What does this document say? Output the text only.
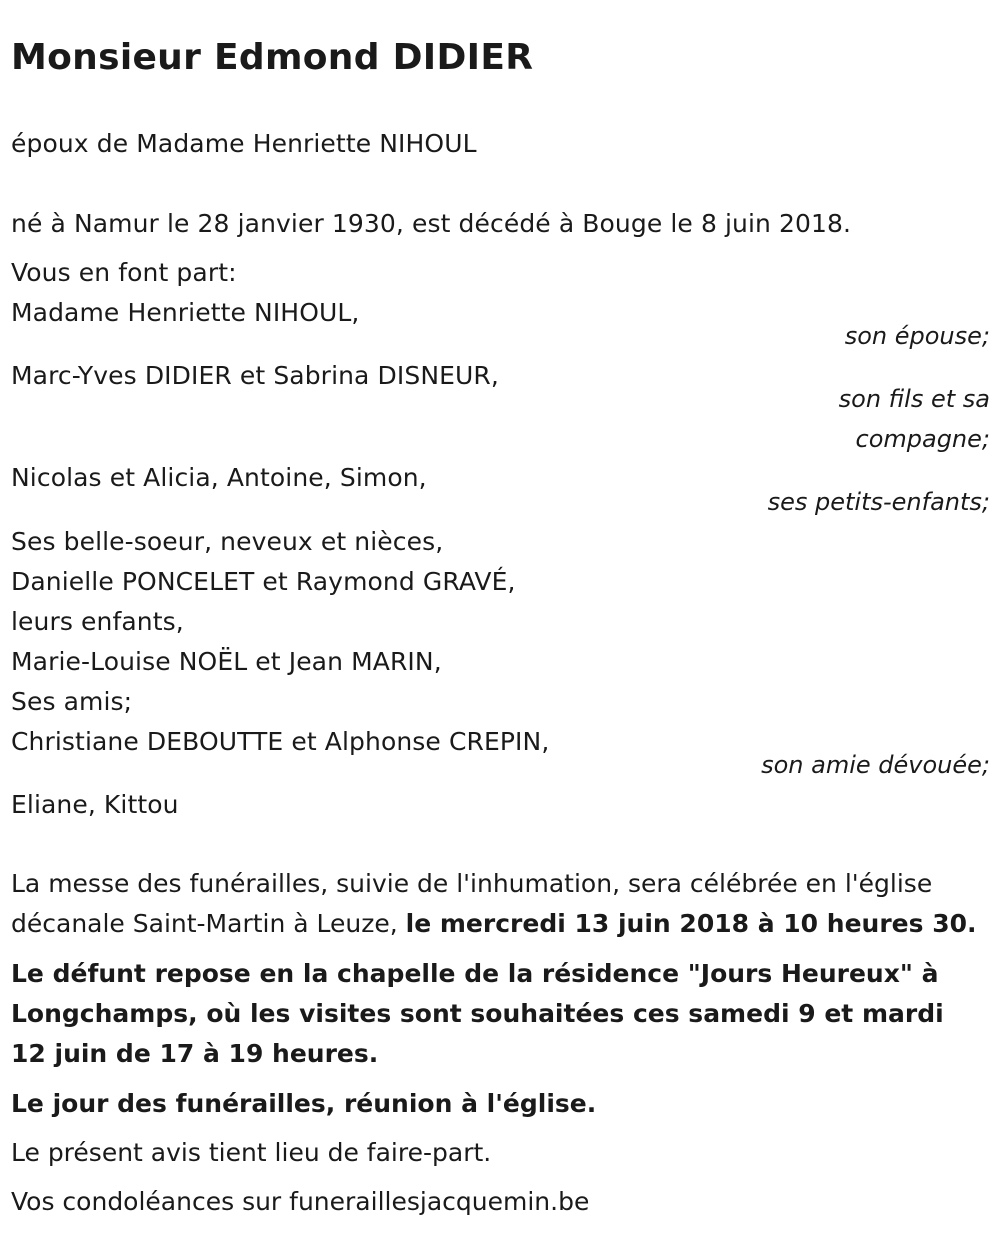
Monsieur Edmond DIDIER
époux de Madame Henriette NIHOUL
né à Namur le 28 janvier 1930, est décédé à Bouge le 8 juin 2018.
Vous en font part:
Madame Henriette NIHOUL,
son épouse;
Marc-Yves DIDIER et Sabrina DISNEUR,
son fils et sa
compagne;
Nicolas et Alicia, Antoine, Simon,
ses petits-enfants;
Ses belle-soeur, neveux et nièces,
Danielle PONCELET et Raymond GRAVÉ,
leurs enfants,
Marie-Louise NOËL et Jean MARIN,
Ses amis;
Christiane DEBOUTTE et Alphonse CREPIN,
son amie dévouée;
Eliane, Kittou
La messe des funérailles, suivie de l'inhumation, sera célébrée en l'église décanale Saint-Martin à Leuze, le mercredi 13 juin 2018 à 10 heures 30.
Le défunt repose en la chapelle de la résidence "Jours Heureux" à Longchamps, où les visites sont souhaitées ces samedi 9 et mardi 12 juin de 17 à 19 heures.
Le jour des funérailles, réunion à l'église.
Le présent avis tient lieu de faire-part.
Vos condoléances sur funeraillesjacquemin.be
